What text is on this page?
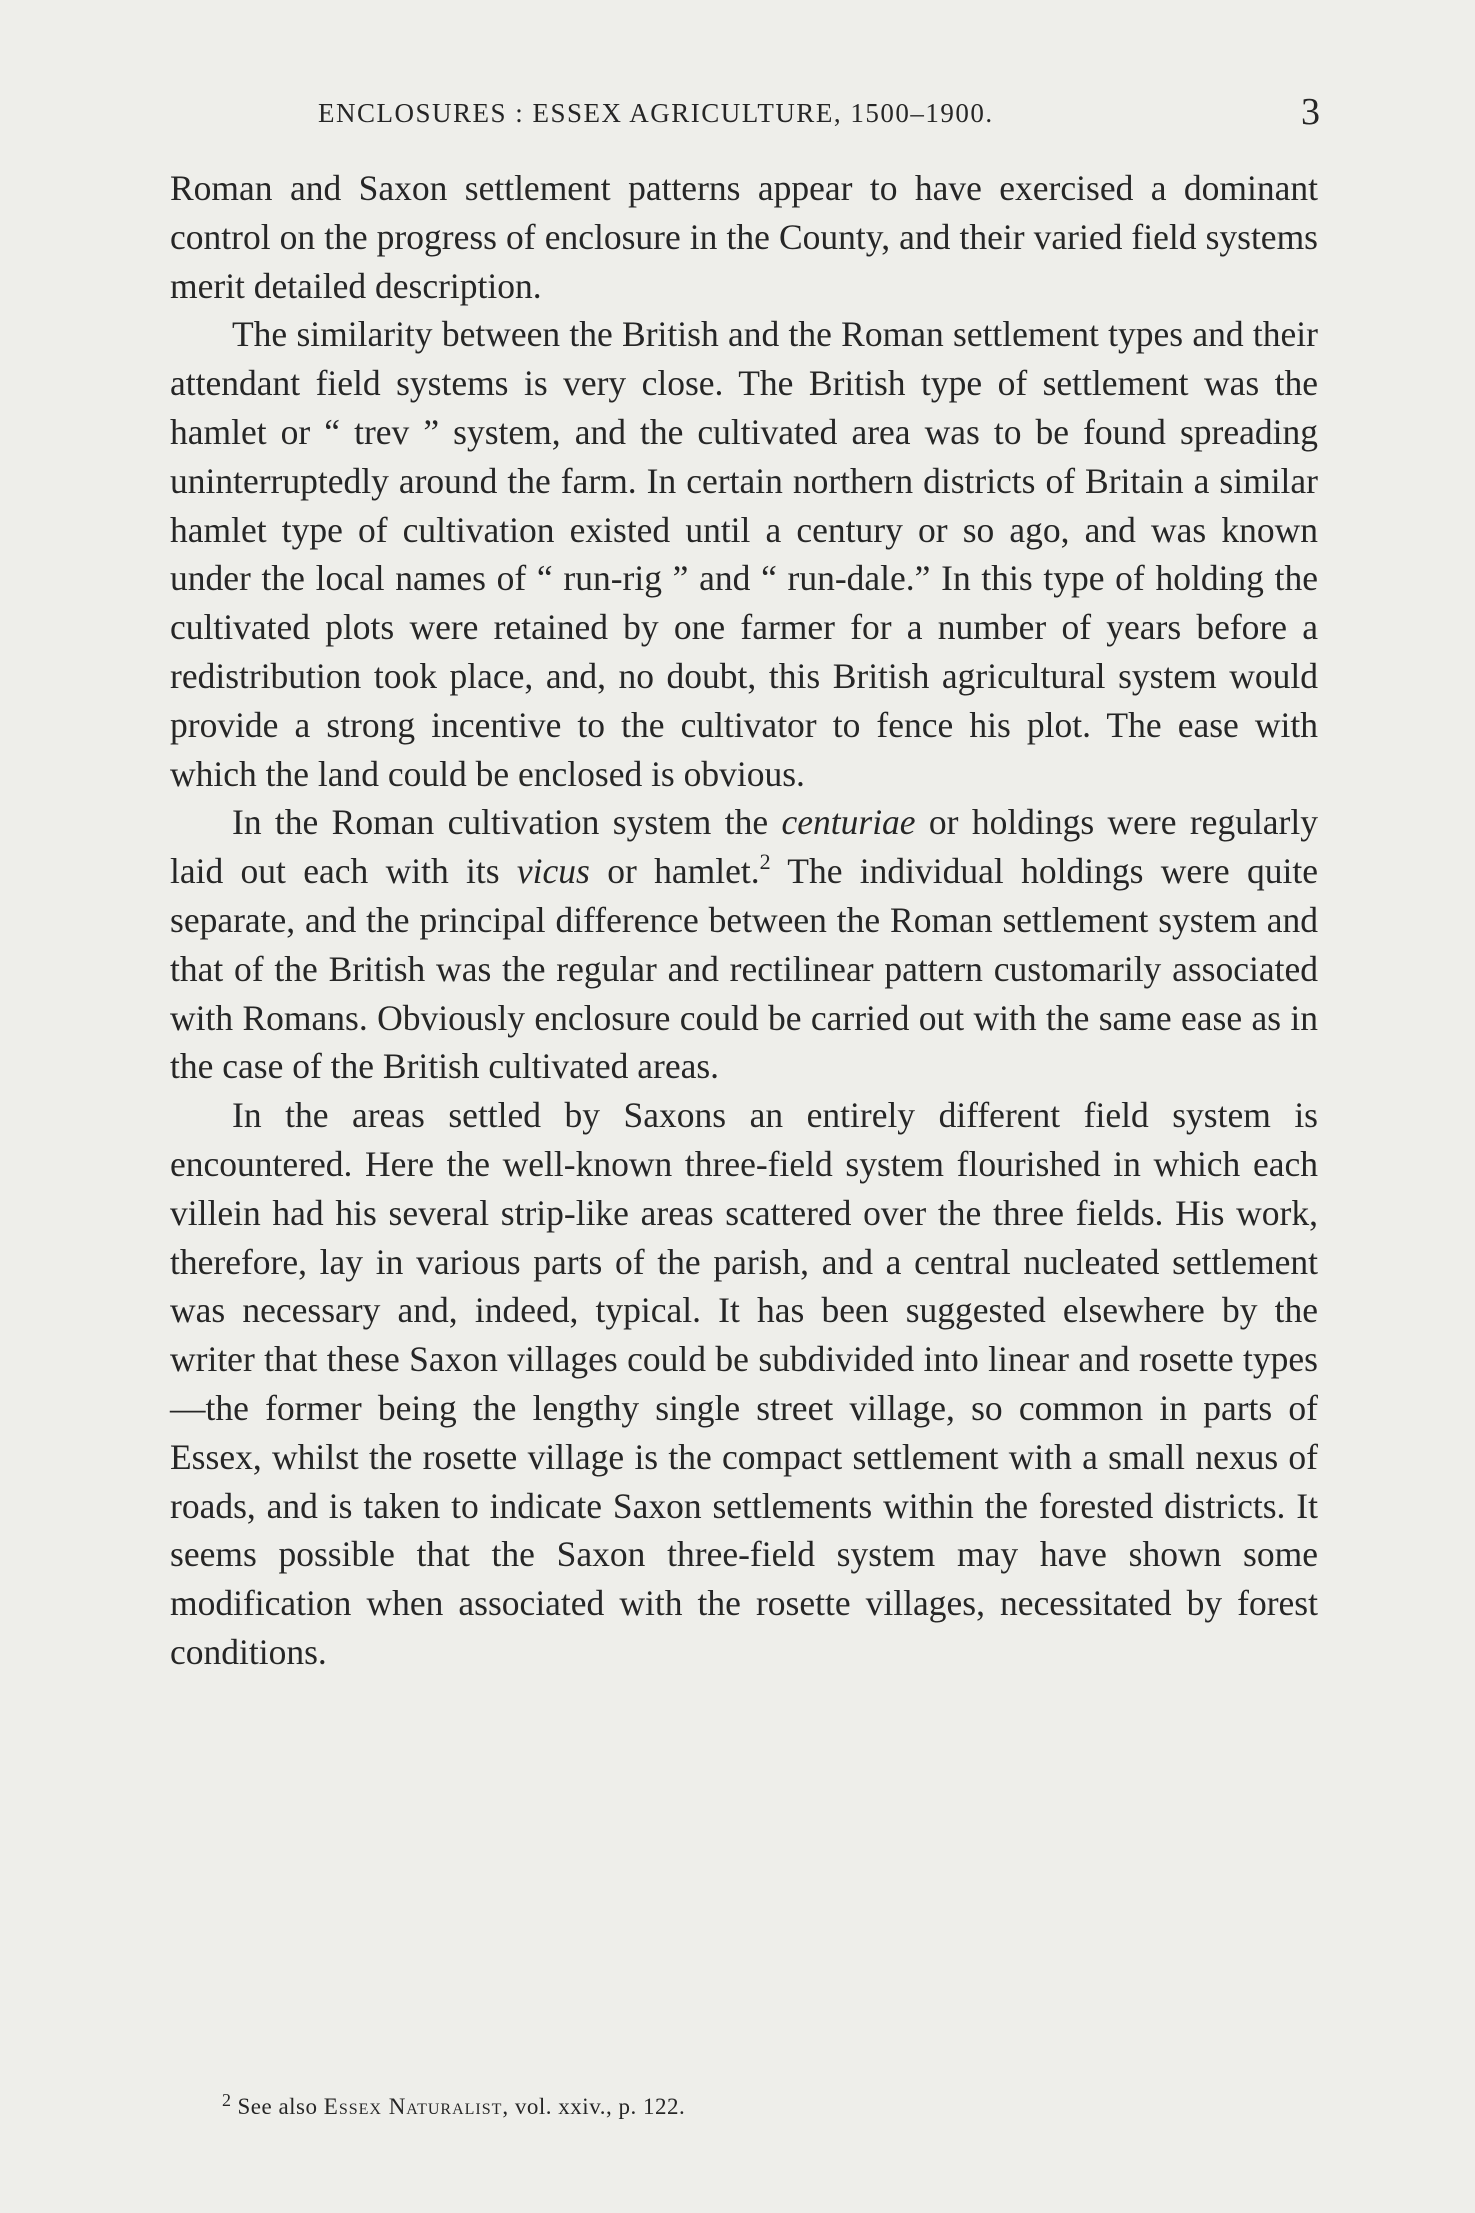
ENCLOSURES : ESSEX AGRICULTURE, 1500–1900.	3

Roman and Saxon settlement patterns appear to have exercised a dominant control on the progress of enclosure in the County, and their varied field systems merit detailed description.

The similarity between the British and the Roman settlement types and their attendant field systems is very close. The British type of settlement was the hamlet or “ trev ” system, and the cultivated area was to be found spreading uninterruptedly around the farm. In certain northern districts of Britain a similar hamlet type of cultivation existed until a century or so ago, and was known under the local names of “ run-rig ” and “ run-dale.” In this type of holding the cultivated plots were retained by one farmer for a number of years before a redistribution took place, and, no doubt, this British agricultural system would provide a strong incentive to the cultivator to fence his plot. The ease with which the land could be enclosed is obvious.

In the Roman cultivation system the centuriae or holdings were regularly laid out each with its vicus or hamlet.$^2$ The individual holdings were quite separate, and the principal difference between the Roman settlement system and that of the British was the regular and rectilinear pattern customarily associated with Romans. Obviously enclosure could be carried out with the same ease as in the case of the British cultivated areas.

In the areas settled by Saxons an entirely different field system is encountered. Here the well-known three-field system flourished in which each villein had his several strip-like areas scattered over the three fields. His work, therefore, lay in various parts of the parish, and a central nucleated settlement was necessary and, indeed, typical. It has been suggested elsewhere by the writer that these Saxon villages could be subdivided into linear and rosette types—the former being the lengthy single street village, so common in parts of Essex, whilst the rosette village is the compact settlement with a small nexus of roads, and is taken to indicate Saxon settlements within the forested districts. It seems possible that the Saxon three-field system may have shown some modification when associated with the rosette villages, necessitated by forest conditions.

$^2$ See also Essex Naturalist, vol. xxiv., p. 122.
